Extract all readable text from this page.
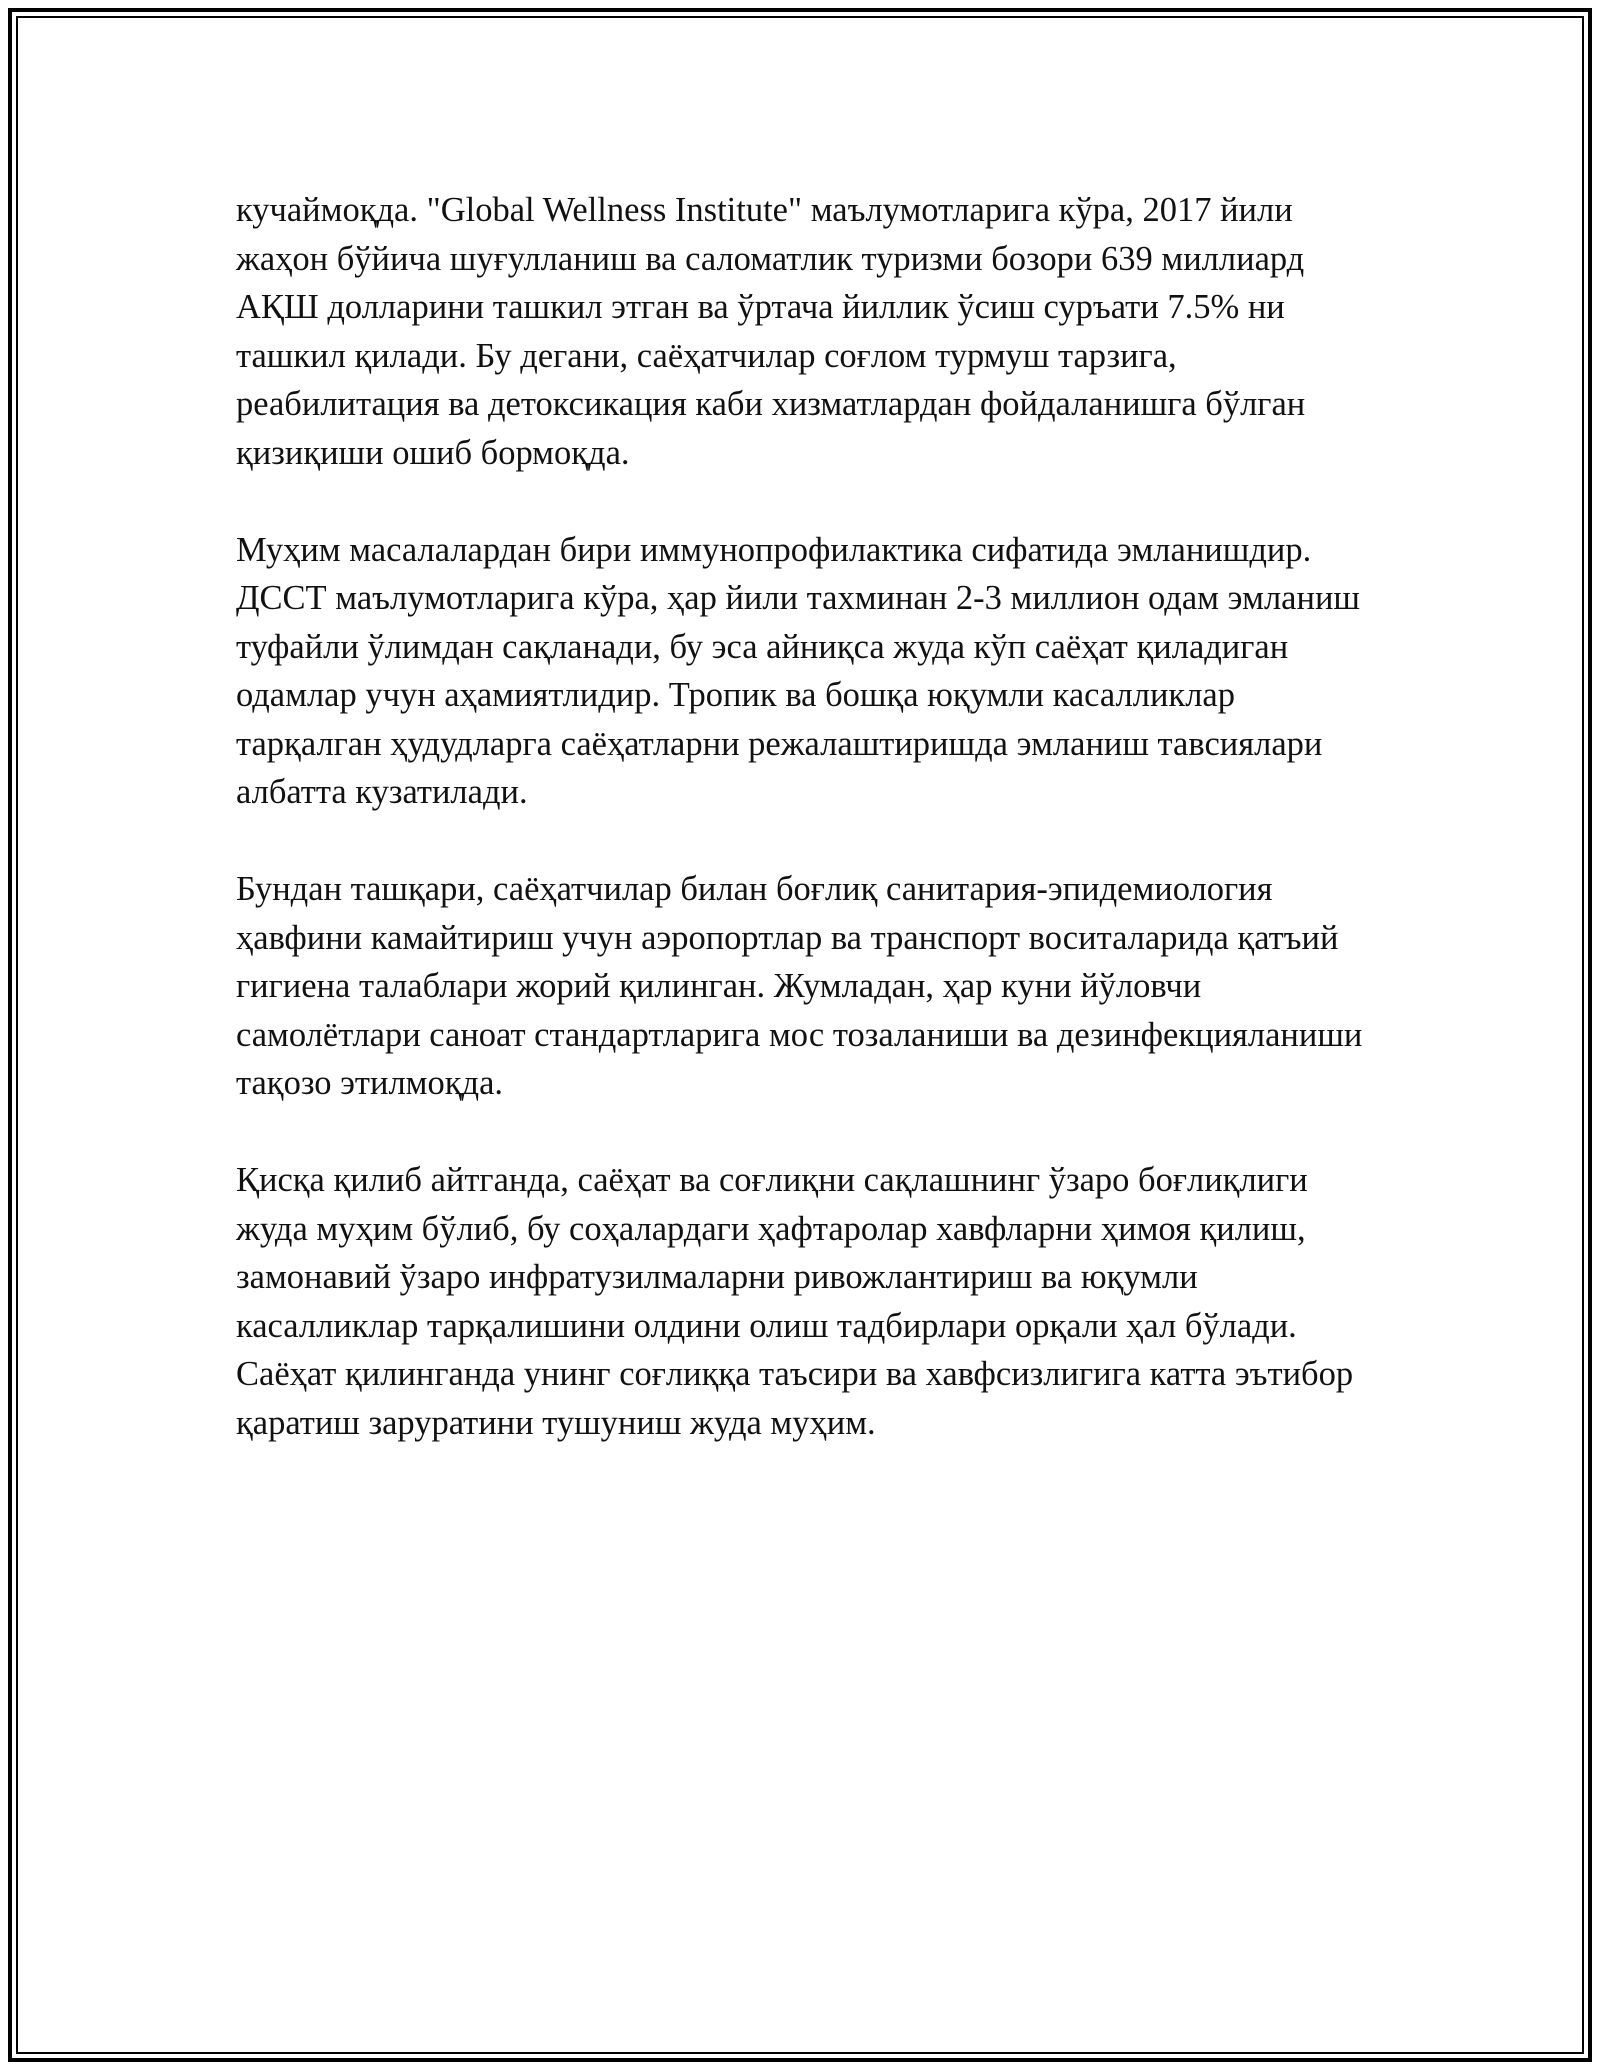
кучаймоқда. "Global Wellness Institute" маълумотларига кўра, 2017 йили жаҳон бўйича шуғулланиш ва саломатлик туризми бозори 639 миллиард АҚШ долларини ташкил этган ва ўртача йиллик ўсиш суръати 7.5% ни ташкил қилади. Бу дегани, саёҳатчилар соғлом турмуш тарзига, реабилитация ва детоксикация каби хизматлардан фойдаланишга бўлган қизиқиши ошиб бормоқда.

Муҳим масалалардан бири иммунопрофилактика сифатида эмланишдир. ДССТ маълумотларига кўра, ҳар йили тахминан 2-3 миллион одам эмланиш туфайли ўлимдан сақланади, бу эса айниқса жуда кўп саёҳат қиладиган одамлар учун аҳамиятлидир. Тропик ва бошқа юқумли касалликлар тарқалган ҳудудларга саёҳатларни режалаштиришда эмланиш тавсиялари албатта кузатилади.

Бундан ташқари, саёҳатчилар билан боғлиқ санитария-эпидемиология ҳавфини камайтириш учун аэропортлар ва транспорт воситаларида қатъий гигиена талаблари жорий қилинган. Жумладан, ҳар куни йўловчи самолётлари саноат стандартларига мос тозаланиши ва дезинфекцияланиши тақозо этилмоқда.

Қисқа қилиб айтганда, саёҳат ва соғлиқни сақлашнинг ўзаро боғлиқлиги жуда муҳим бўлиб, бу соҳалардаги ҳафтаролар хавфларни ҳимоя қилиш, замонавий ўзаро инфратузилмаларни ривожлантириш ва юқумли касалликлар тарқалишини олдини олиш тадбирлари орқали ҳал бўлади. Саёҳат қилинганда унинг соғлиққа таъсири ва хавфсизлигига катта эътибор қаратиш заруратини тушуниш жуда муҳим.
